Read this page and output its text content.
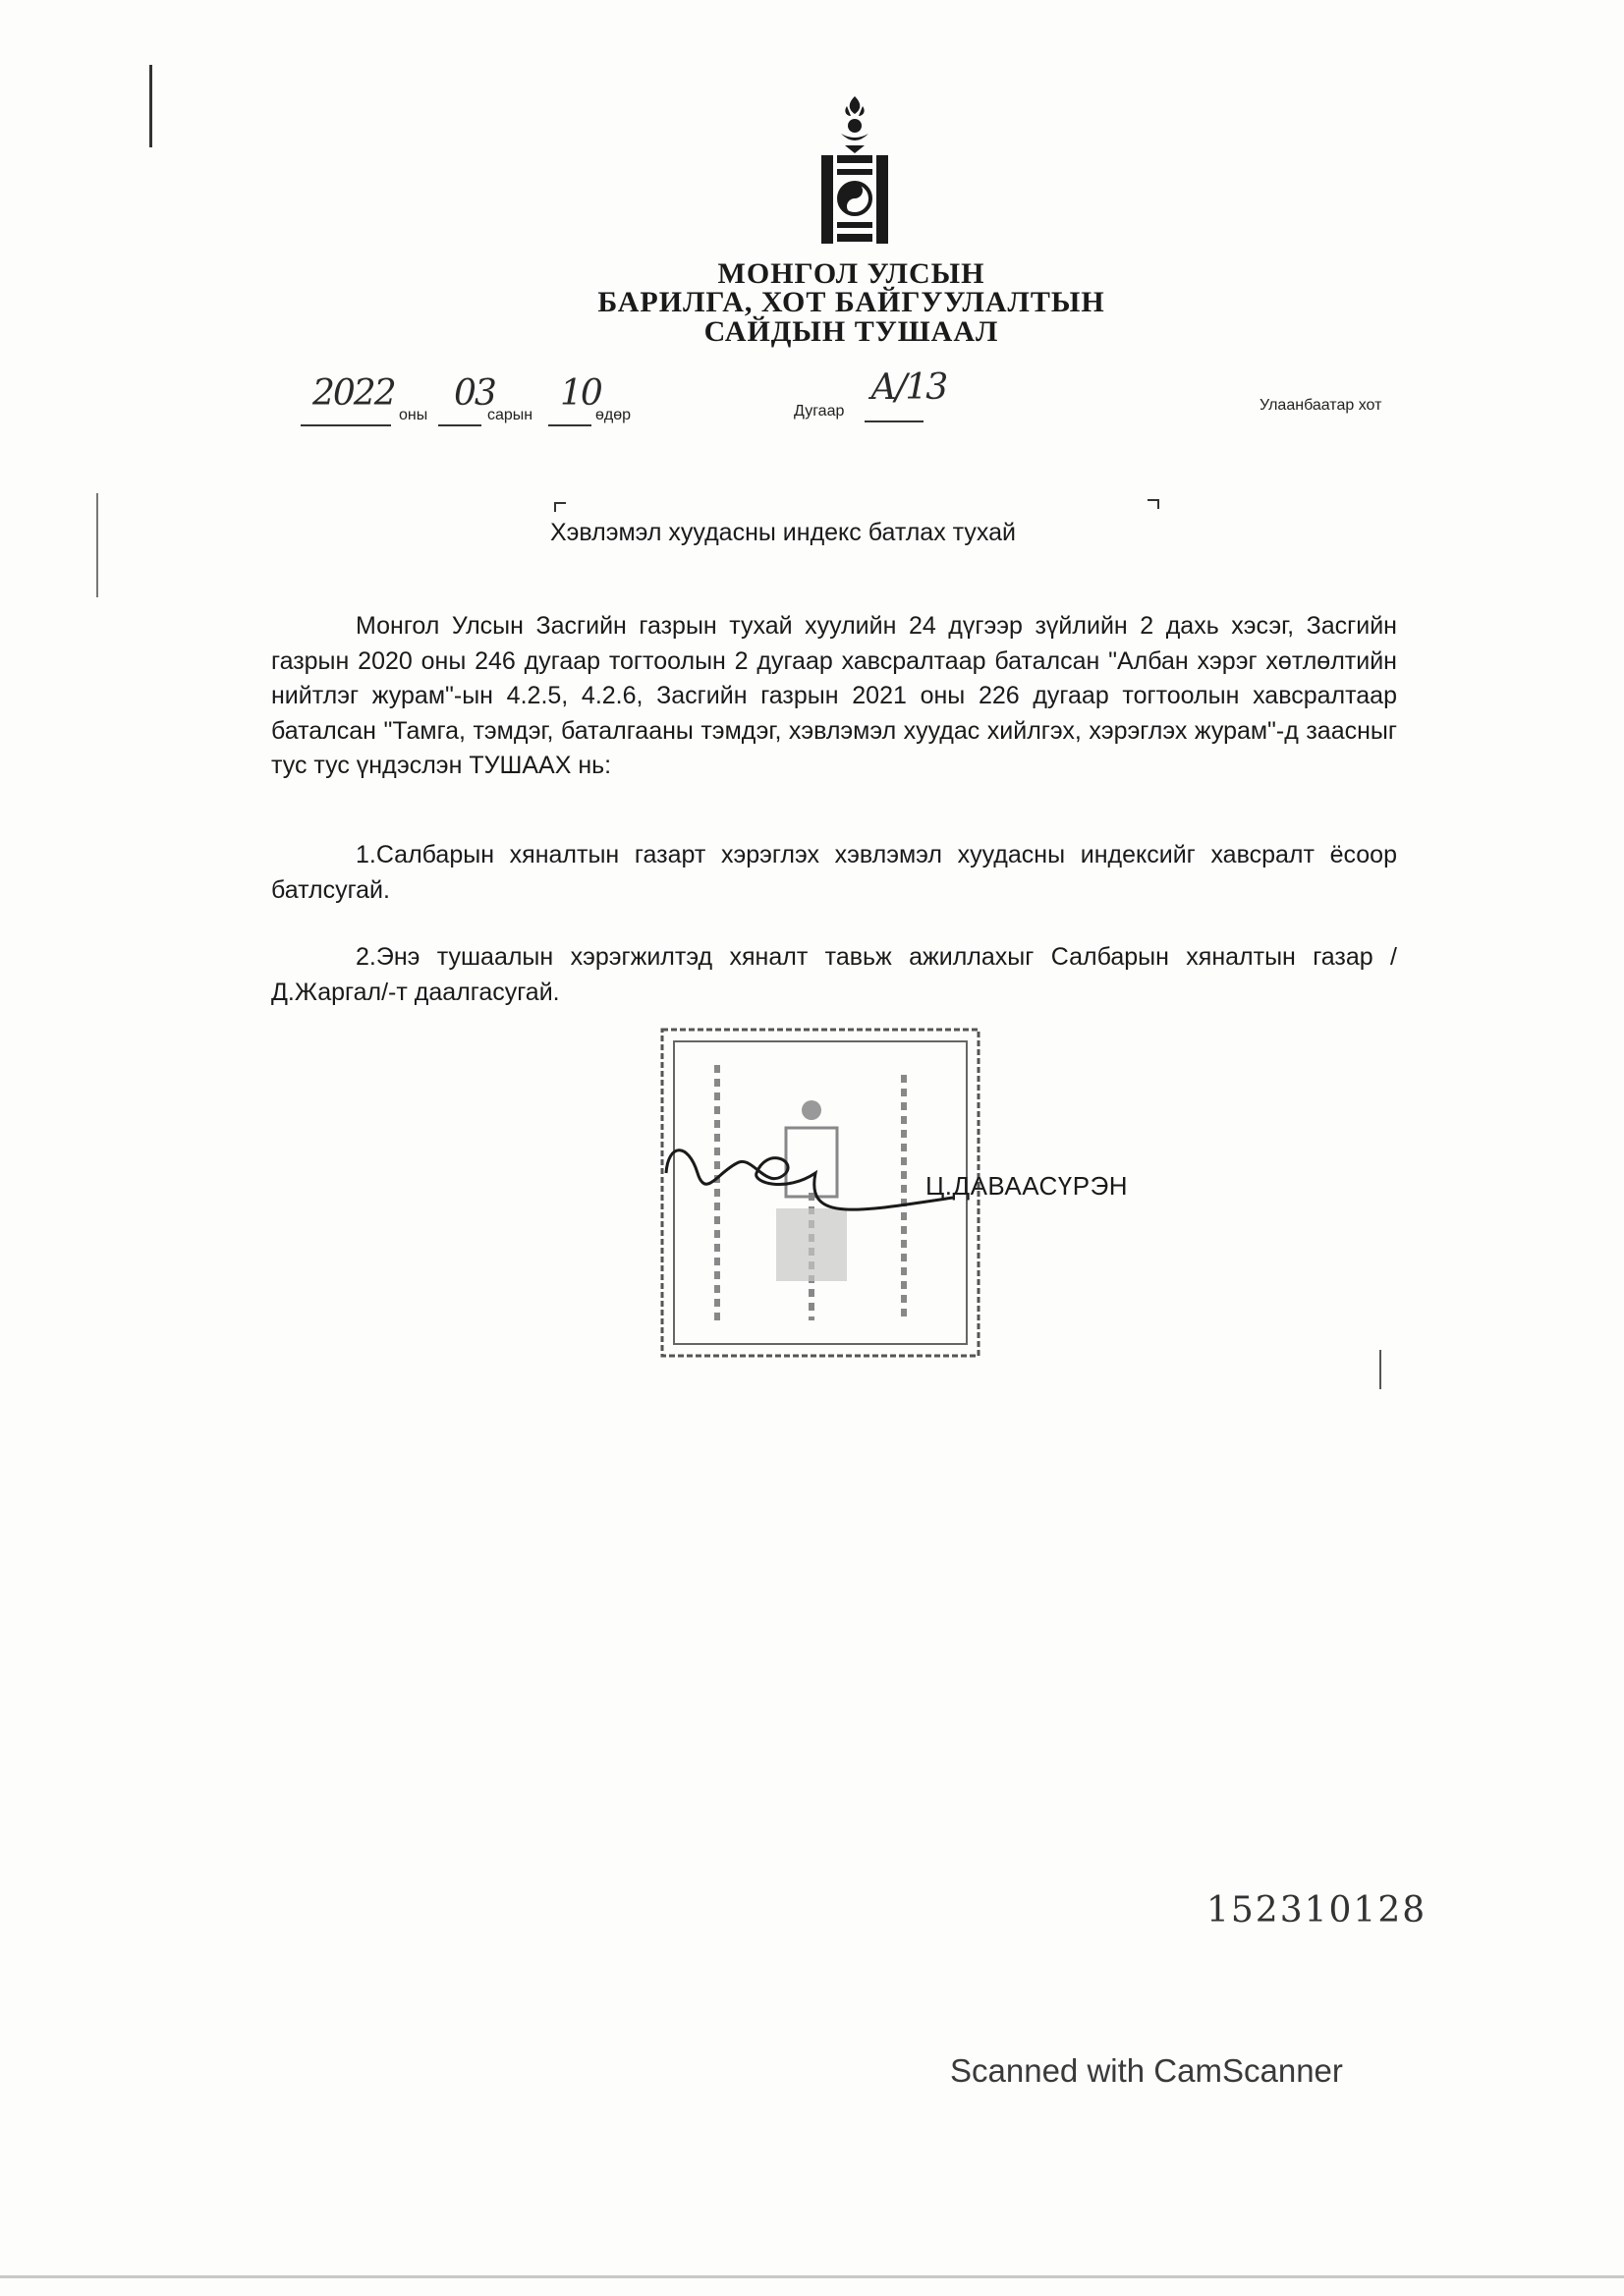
МОНГОЛ УЛСЫН
БАРИЛГА, ХОТ БАЙГУУЛАЛТЫН
САЙДЫН ТУШААЛ
2022
оны
03
сарын
10
өдөр	Дугаар
А/13	Улаанбаатар хот
Хэвлэмэл хуудасны индекс батлах тухай

Монгол Улсын Засгийн газрын тухай хуулийн 24 дүгээр зүйлийн 2 дахь хэсэг, Засгийн газрын 2020 оны 246 дугаар тогтоолын 2 дугаар хавсралтаар баталсан "Албан хэрэг хөтлөлтийн нийтлэг журам"-ын 4.2.5, 4.2.6, Засгийн газрын 2021 оны 226 дугаар тогтоолын хавсралтаар баталсан "Тамга, тэмдэг, баталгааны тэмдэг, хэвлэмэл хуудас хийлгэх, хэрэглэх журам"-д заасныг тус тус үндэслэн ТУШААХ нь:

1.Салбарын хяналтын газарт хэрэглэх хэвлэмэл хуудасны индексийг хавсралт ёсоор батлсугай.

2.Энэ тушаалын хэрэгжилтэд хяналт тавьж ажиллахыг Салбарын хяналтын газар /Д.Жаргал/-т даалгасугай.

Ц.ДАВААСҮРЭН
152310128
Scanned with CamScanner
